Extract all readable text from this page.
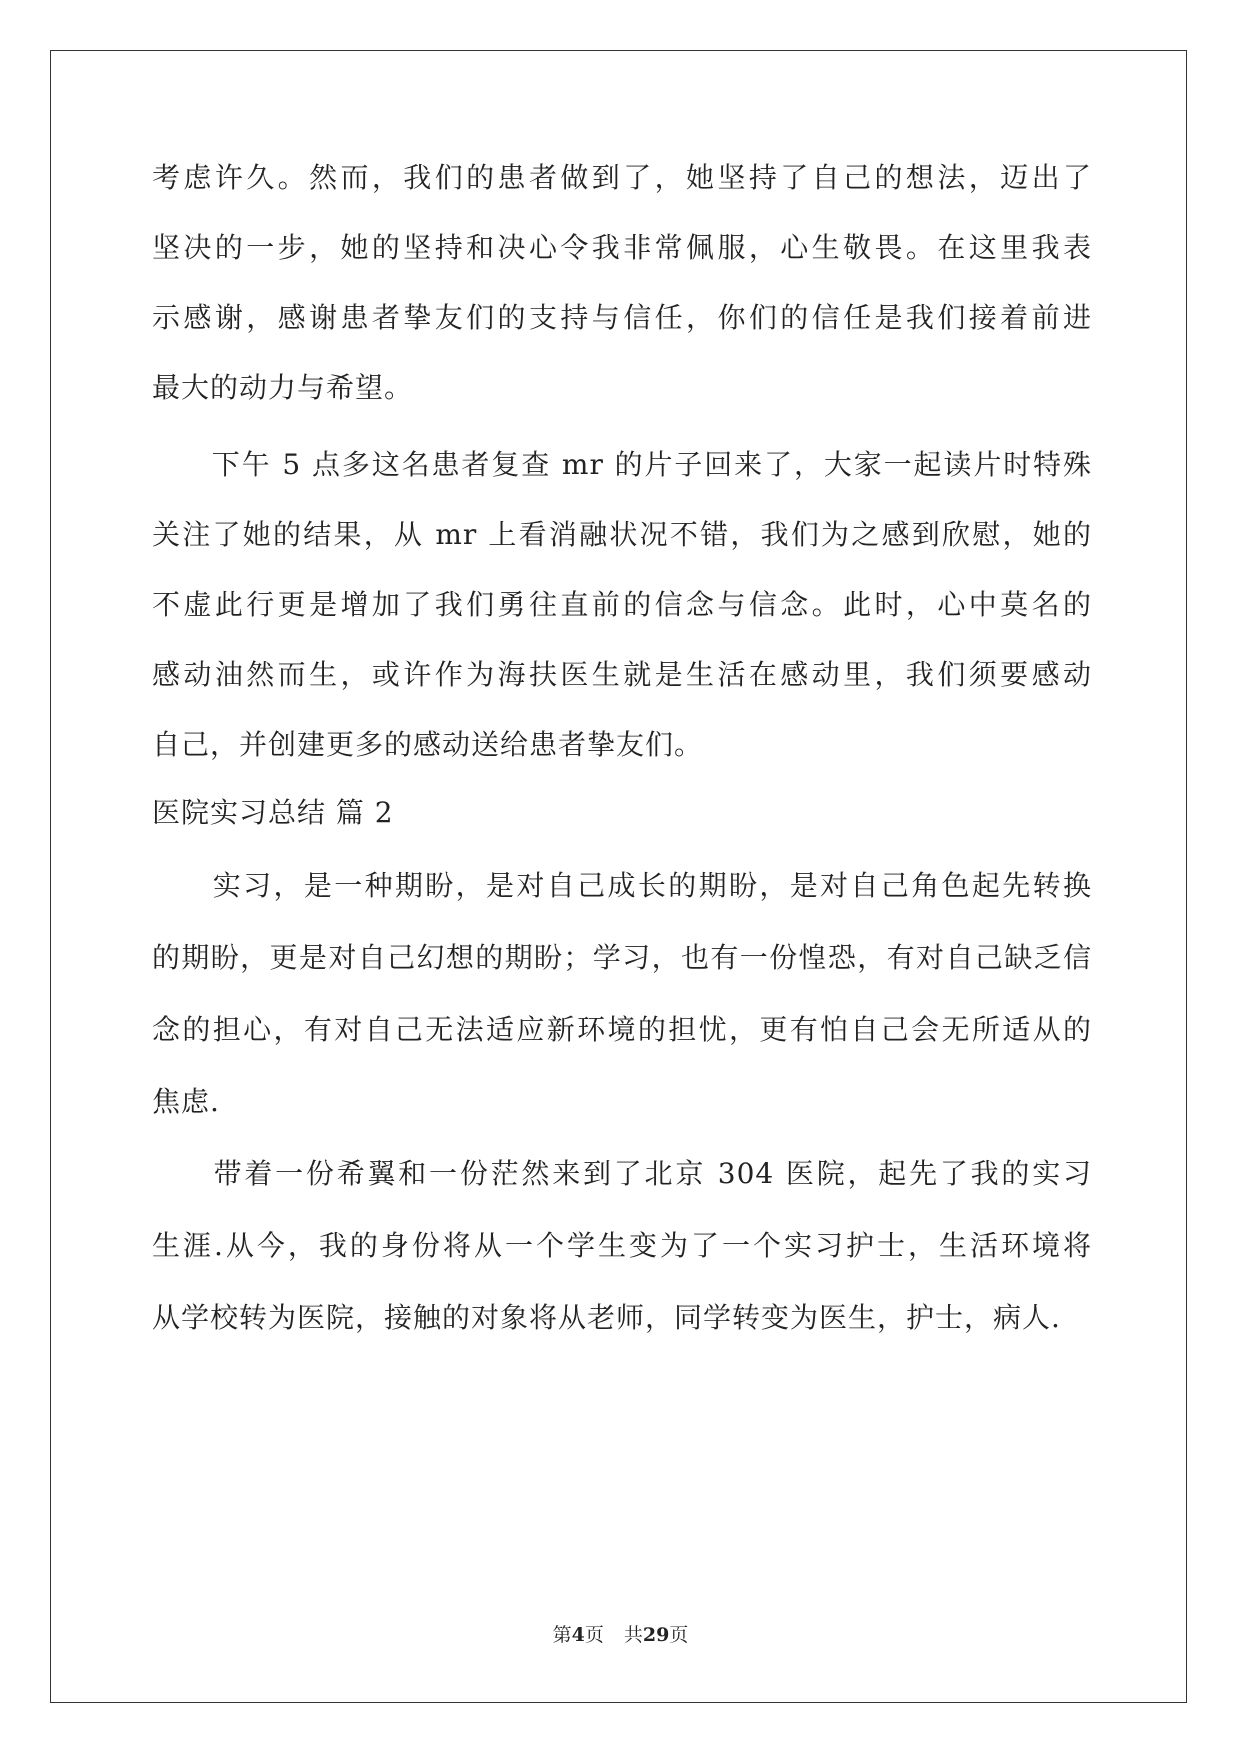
考虑许久。然而，我们的患者做到了，她坚持了自己的想法，迈出了
坚决的一步，她的坚持和决心令我非常佩服，心生敬畏。在这里我表
示感谢，感谢患者挚友们的支持与信任，你们的信任是我们接着前进
最大的动力与希望。
　　下午 5 点多这名患者复查 mr 的片子回来了，大家一起读片时特殊
关注了她的结果，从 mr 上看消融状况不错，我们为之感到欣慰，她的
不虚此行更是增加了我们勇往直前的信念与信念。此时，心中莫名的
感动油然而生，或许作为海扶医生就是生活在感动里，我们须要感动
自己，并创建更多的感动送给患者挚友们。
医院实习总结 篇 2
　　实习，是一种期盼，是对自己成长的期盼，是对自己角色起先转换
的期盼，更是对自己幻想的期盼；学习，也有一份惶恐，有对自己缺乏信
念的担心，有对自己无法适应新环境的担忧，更有怕自己会无所适从的
焦虑.
　　带着一份希翼和一份茫然来到了北京 304 医院，起先了我的实习
生涯.从今，我的身份将从一个学生变为了一个实习护士，生活环境将
从学校转为医院，接触的对象将从老师，同学转变为医生，护士，病人.
第4页 共29页
